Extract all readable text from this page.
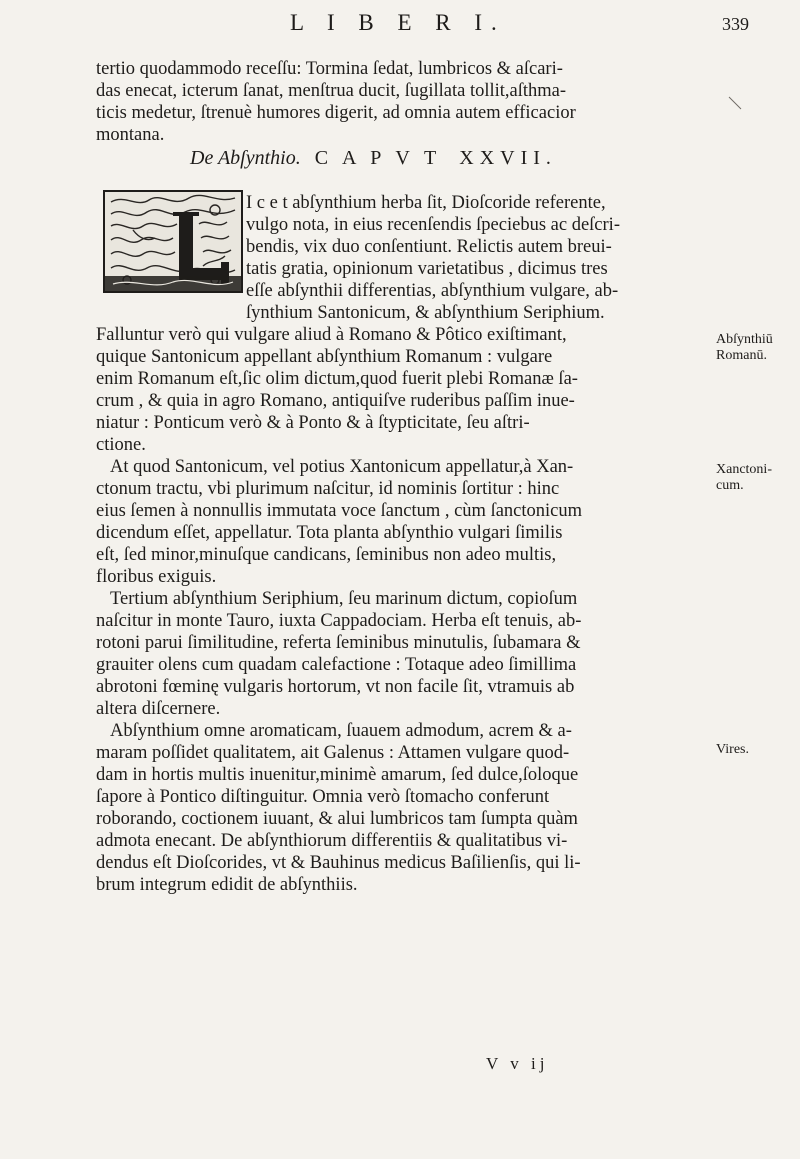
L I B E R I.	339
tertio quodammodo receſſu: Tormina ſedat, lumbricos & aſcari-
das enecat, icterum ſanat, menſtrua ducit, ſugillata tollit,aſthma-
ticis medetur, ſtrenuè humores digerit, ad omnia autem efficacior
montana.
De Abſynthio. C A P V T XXVII.
I c e t abſynthium herba ſit, Dioſcoride referente,
vulgo nota, in eius recenſendis ſpeciebus ac deſcri-
bendis, vix duo conſentiunt. Relictis autem breui-
tatis gratia, opinionum varietatibus , dicimus tres
eſſe abſynthii differentias, abſynthium vulgare, ab-
ſynthium Santonicum, & abſynthium Seriphium.
Falluntur verò qui vulgare aliud à Romano & Pôtico exiſtimant,
quique Santonicum appellant abſynthium Romanum : vulgare
enim Romanum eſt,ſic olim dictum,quod fuerit plebi Romanæ ſa-
crum , & quia in agro Romano, antiquiſve ruderibus paſſim inue-
niatur : Ponticum verò & à Ponto & à ſtypticitate, ſeu aſtri-
ctione.
At quod Santonicum, vel potius Xantonicum appellatur,à Xan-
ctonum tractu, vbi plurimum naſcitur, id nominis ſortitur : hinc
eius ſemen à nonnullis immutata voce ſanctum , cùm ſanctonicum
dicendum eſſet, appellatur. Tota planta abſynthio vulgari ſimilis
eſt, ſed minor,minuſque candicans, ſeminibus non adeo multis,
floribus exiguis.
Tertium abſynthium Seriphium, ſeu marinum dictum, copioſum
naſcitur in monte Tauro, iuxta Cappadociam. Herba eſt tenuis, ab-
rotoni parui ſimilitudine, referta ſeminibus minutulis, ſubamara &
grauiter olens cum quadam calefactione : Totaque adeo ſimillima
abrotoni fœminę vulgaris hortorum, vt non facile ſit, vtramuis ab
altera diſcernere.
Abſynthium omne aromaticam, ſuauem admodum, acrem & a-
maram poſſidet qualitatem, ait Galenus : Attamen vulgare quod-
dam in hortis multis inuenitur,minimè amarum, ſed dulce,ſoloque
ſapore à Pontico diſtinguitur. Omnia verò ſtomacho conferunt
roborando, coctionem iuuant, & alui lumbricos tam ſumpta quàm
admota enecant. De abſynthiorum differentiis & qualitatibus vi-
dendus eſt Dioſcorides, vt & Bauhinus medicus Baſilienſis, qui li-
brum integrum edidit de abſynthiis.
Abſynthiū
Romanū.
Xanctoni-
cum.
Vires.
V v ij
